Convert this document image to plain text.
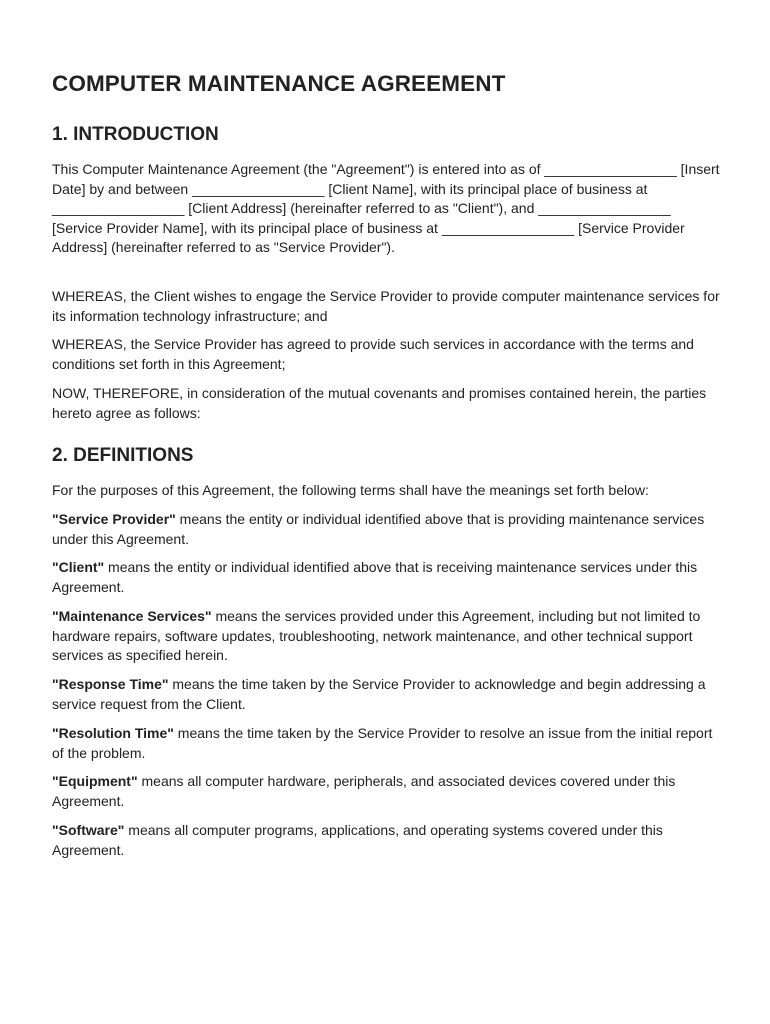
COMPUTER MAINTENANCE AGREEMENT
1. INTRODUCTION

This Computer Maintenance Agreement (the "Agreement") is entered into as of _________________ [Insert Date] by and between _________________ [Client Name], with its principal place of business at _________________ [Client Address] (hereinafter referred to as "Client"), and _________________ [Service Provider Name], with its principal place of business at _________________ [Service Provider Address] (hereinafter referred to as "Service Provider").

WHEREAS, the Client wishes to engage the Service Provider to provide computer maintenance services for its information technology infrastructure; and

WHEREAS, the Service Provider has agreed to provide such services in accordance with the terms and conditions set forth in this Agreement;

NOW, THEREFORE, in consideration of the mutual covenants and promises contained herein, the parties hereto agree as follows:

2. DEFINITIONS

For the purposes of this Agreement, the following terms shall have the meanings set forth below:

"Service Provider" means the entity or individual identified above that is providing maintenance services under this Agreement.

"Client" means the entity or individual identified above that is receiving maintenance services under this Agreement.

"Maintenance Services" means the services provided under this Agreement, including but not limited to hardware repairs, software updates, troubleshooting, network maintenance, and other technical support services as specified herein.

"Response Time" means the time taken by the Service Provider to acknowledge and begin addressing a service request from the Client.

"Resolution Time" means the time taken by the Service Provider to resolve an issue from the initial report of the problem.

"Equipment" means all computer hardware, peripherals, and associated devices covered under this Agreement.

"Software" means all computer programs, applications, and operating systems covered under this Agreement.
